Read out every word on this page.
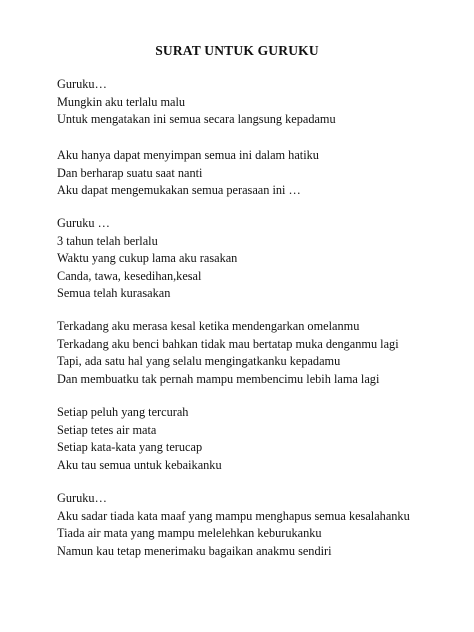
SURAT UNTUK GURUKU
Guruku…
Mungkin aku terlalu malu
Untuk mengatakan ini semua secara langsung kepadamu
Aku hanya dapat menyimpan semua ini dalam hatiku
Dan berharap suatu saat nanti
Aku dapat mengemukakan semua perasaan ini …
Guruku …
3 tahun telah berlalu
Waktu yang cukup lama aku rasakan
Canda, tawa, kesedihan,kesal
Semua telah kurasakan
Terkadang aku merasa kesal ketika mendengarkan omelanmu
Terkadang aku benci bahkan tidak mau bertatap muka denganmu lagi
Tapi, ada satu hal yang selalu mengingatkanku kepadamu
Dan membuatku tak pernah mampu membencimu lebih lama lagi
Setiap peluh yang tercurah
Setiap tetes air mata
Setiap kata-kata yang terucap
Aku tau semua untuk kebaikanku
Guruku…
Aku sadar tiada kata maaf yang mampu menghapus semua kesalahanku
Tiada air mata yang mampu melelehkan keburukanku
Namun kau tetap menerimaku bagaikan anakmu sendiri
